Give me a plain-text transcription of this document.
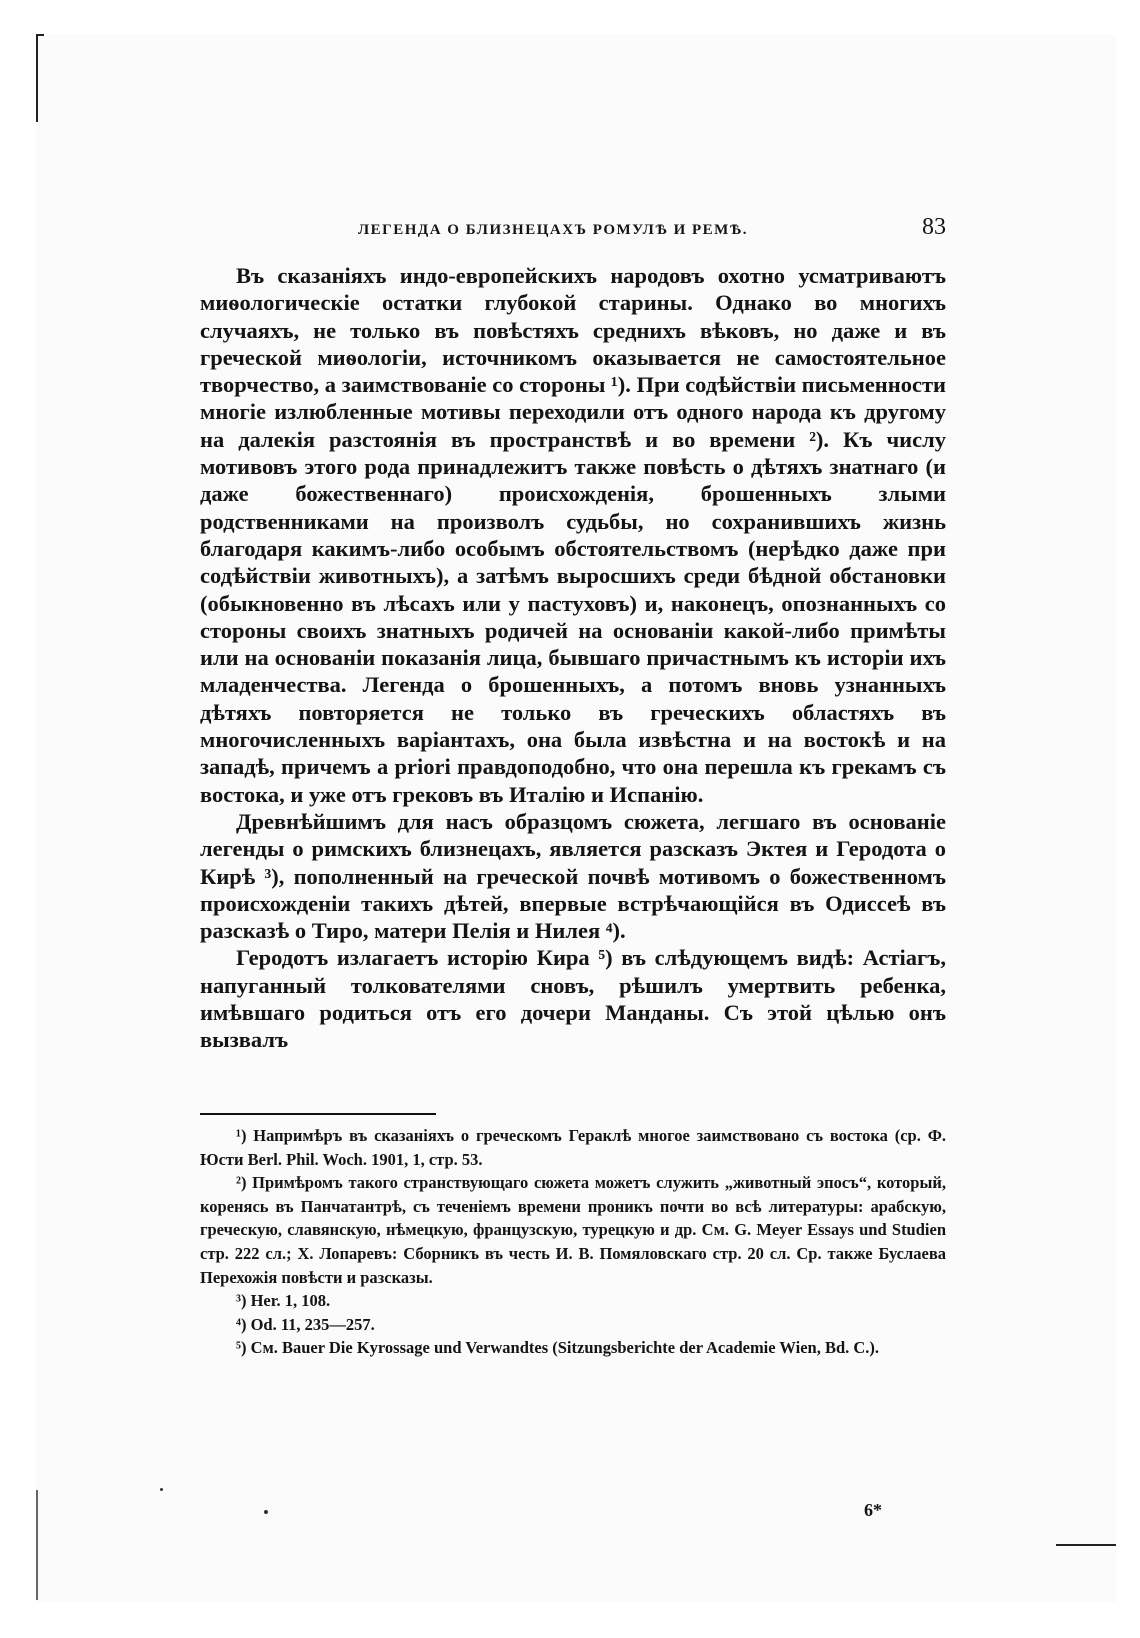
ЛЕГЕНДА О БЛИЗНЕЦАХЪ РОМУЛѢ И РЕМѢ.	83

Въ сказаніяхъ индо-европейскихъ народовъ охотно усматриваютъ миѳологическіе остатки глубокой старины. Однако во многихъ случаяхъ, не только въ повѣстяхъ среднихъ вѣковъ, но даже и въ греческой миѳологіи, источникомъ оказывается не самостоятельное творчество, а заимствованіе со стороны ¹). При содѣйствіи письменности многіе излюбленные мотивы переходили отъ одного народа къ другому на далекія разстоянія въ пространствѣ и во времени ²). Къ числу мотивовъ этого рода принадлежитъ также повѣсть о дѣтяхъ знатнаго (и даже божественнаго) происхожденія, брошенныхъ злыми родственниками на произволъ судьбы, но сохранившихъ жизнь благодаря какимъ-либо особымъ обстоятельствомъ (нерѣдко даже при содѣйствіи животныхъ), а затѣмъ выросшихъ среди бѣдной обстановки (обыкновенно въ лѣсахъ или у пастуховъ) и, наконецъ, опознанныхъ со стороны своихъ знатныхъ родичей на основаніи какой-либо примѣты или на основаніи показанія лица, бывшаго причастнымъ къ исторіи ихъ младенчества. Легенда о брошенныхъ, а потомъ вновь узнанныхъ дѣтяхъ повторяется не только въ греческихъ областяхъ въ многочисленныхъ варіантахъ, она была извѣстна и на востокѣ и на западѣ, причемъ a priori правдоподобно, что она перешла къ грекамъ съ востока, и уже отъ грековъ въ Италію и Испанію.

Древнѣйшимъ для насъ образцомъ сюжета, легшаго въ основаніе легенды о римскихъ близнецахъ, является разсказъ Эктея и Геродота о Кирѣ ³), пополненный на греческой почвѣ мотивомъ о божественномъ происхожденіи такихъ дѣтей, впервые встрѣчающійся въ Одиссеѣ въ разсказѣ о Тиро, матери Пелія и Нилея ⁴).

Геродотъ излагаетъ исторію Кира ⁵) въ слѣдующемъ видѣ: Астіагъ, напуганный толкователями сновъ, рѣшилъ умертвить ребенка, имѣвшаго родиться отъ его дочери Манданы. Съ этой цѣлью онъ вызвалъ

¹) Напримѣръ въ сказаніяхъ о греческомъ Гераклѣ многое заимствовано съ востока (ср. Ф. Юсти Berl. Phil. Woch. 1901, 1, стр. 53.

²) Примѣромъ такого странствующаго сюжета можетъ служить „животный эпосъ“, который, коренясь въ Панчатантрѣ, съ теченіемъ времени проникъ почти во всѣ литературы: арабскую, греческую, славянскую, нѣмецкую, французскую, турецкую и др. См. G. Meyer Essays und Studien стр. 222 сл.; Х. Лопаревъ: Сборникъ въ честь И. В. Помяловскаго стр. 20 сл. Ср. также Буслаева Перехожія повѣсти и разсказы.

³) Her. 1, 108.

⁴) Od. 11, 235—257.

⁵) См. Bauer Die Kyrossage und Verwandtes (Sitzungsberichte der Academie Wien, Bd. C.).

6*
